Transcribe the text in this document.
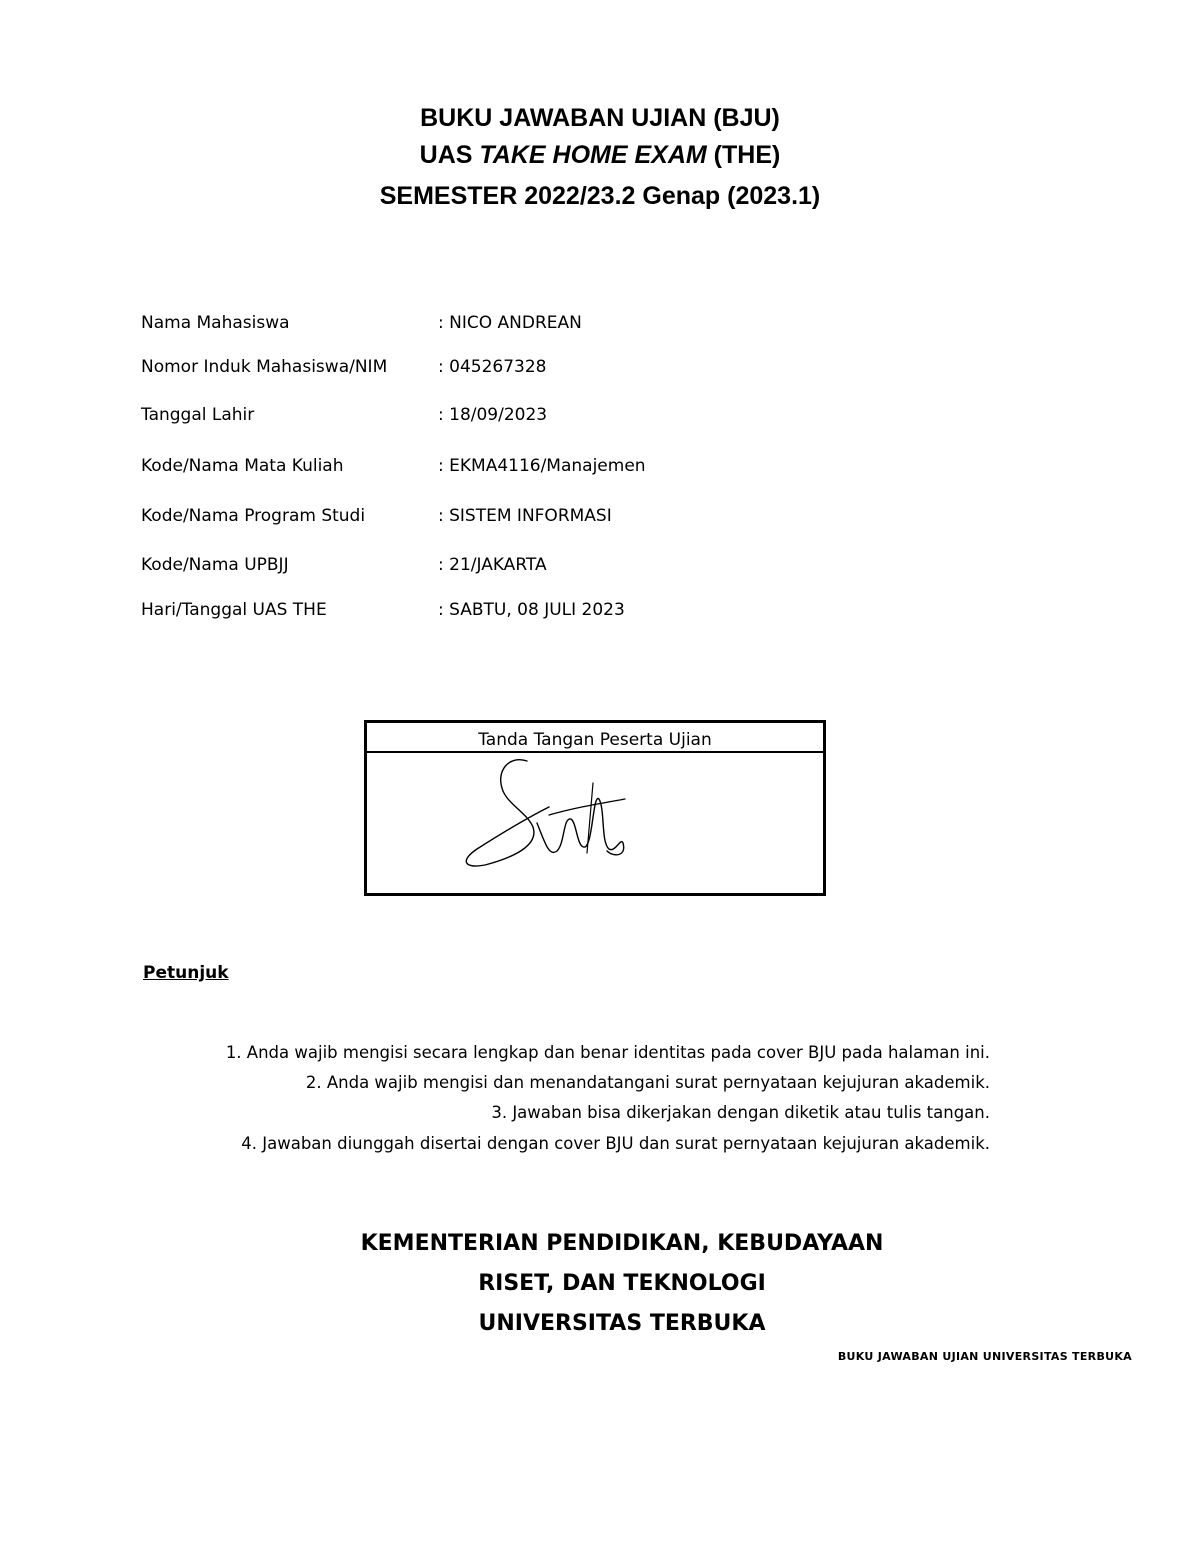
BUKU JAWABAN UJIAN (BJU)
UAS TAKE HOME EXAM (THE)
SEMESTER 2022/23.2 Genap (2023.1)
Nama Mahasiswa	: NICO ANDREAN
Nomor Induk Mahasiswa/NIM	: 045267328
Tanggal Lahir	: 18/09/2023
Kode/Nama Mata Kuliah	: EKMA4116/Manajemen
Kode/Nama Program Studi	: SISTEM INFORMASI
Kode/Nama UPBJJ	: 21/JAKARTA
Hari/Tanggal UAS THE	: SABTU, 08 JULI 2023
Tanda Tangan Peserta Ujian
Petunjuk
1. Anda wajib mengisi secara lengkap dan benar identitas pada cover BJU pada halaman ini.
2. Anda wajib mengisi dan menandatangani surat pernyataan kejujuran akademik.
3. Jawaban bisa dikerjakan dengan diketik atau tulis tangan.
4. Jawaban diunggah disertai dengan cover BJU dan surat pernyataan kejujuran akademik.
KEMENTERIAN PENDIDIKAN, KEBUDAYAAN
RISET, DAN TEKNOLOGI
UNIVERSITAS TERBUKA
BUKU JAWABAN UJIAN UNIVERSITAS TERBUKA
